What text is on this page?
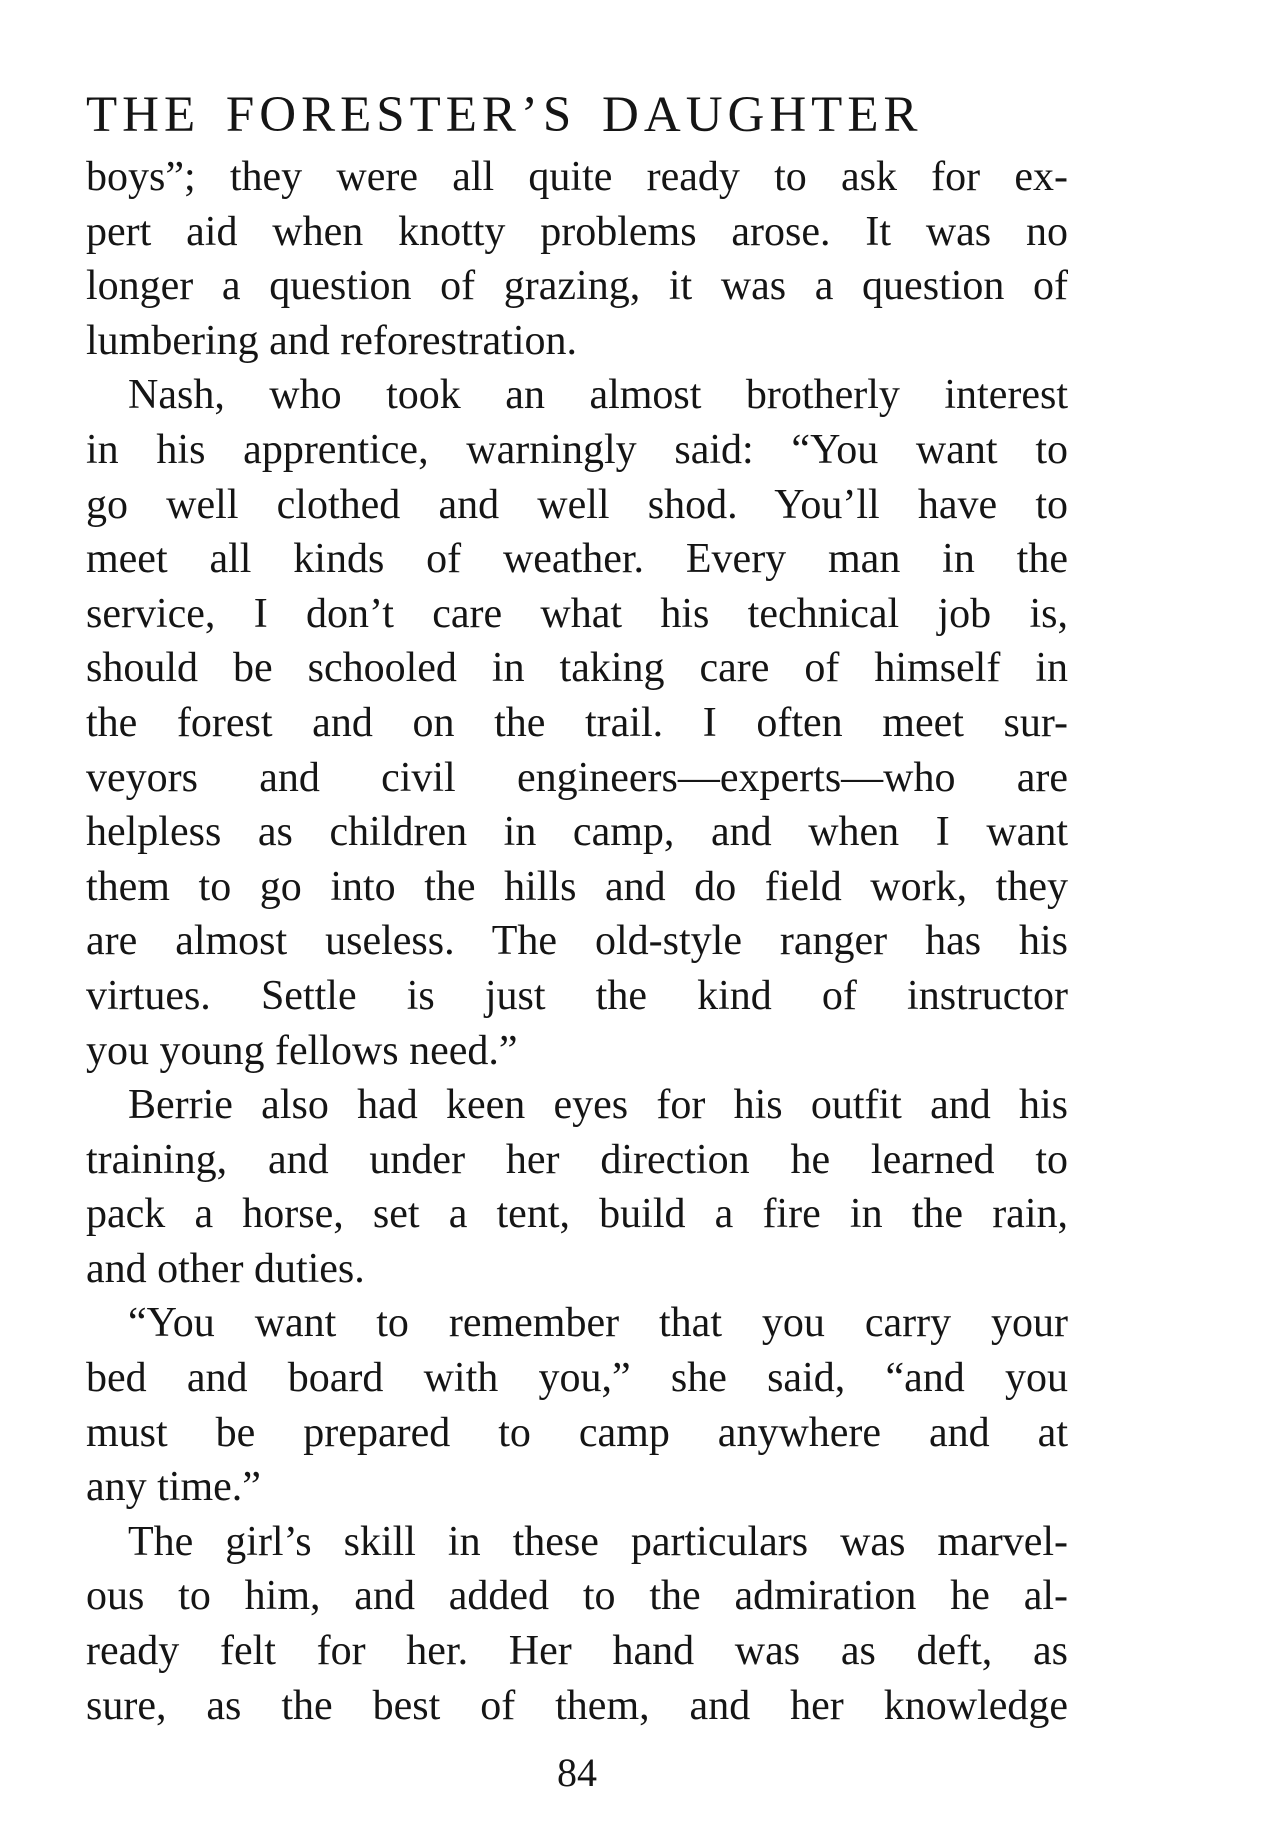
THE FORESTER’S DAUGHTER

boys”; they were all quite ready to ask for ex-
pert aid when knotty problems arose. It was no
longer a question of grazing, it was a question of
lumbering and reforestration.

Nash, who took an almost brotherly interest
in his apprentice, warningly said: “You want to
go well clothed and well shod. You’ll have to
meet all kinds of weather. Every man in the
service, I don’t care what his technical job is,
should be schooled in taking care of himself in
the forest and on the trail. I often meet sur-
veyors and civil engineers—experts—who are
helpless as children in camp, and when I want
them to go into the hills and do field work, they
are almost useless. The old-style ranger has his
virtues. Settle is just the kind of instructor
you young fellows need.”

Berrie also had keen eyes for his outfit and his
training, and under her direction he learned to
pack a horse, set a tent, build a fire in the rain,
and other duties.

“You want to remember that you carry your
bed and board with you,” she said, “and you
must be prepared to camp anywhere and at
any time.”

The girl’s skill in these particulars was marvel-
ous to him, and added to the admiration he al-
ready felt for her. Her hand was as deft, as
sure, as the best of them, and her knowledge

84
